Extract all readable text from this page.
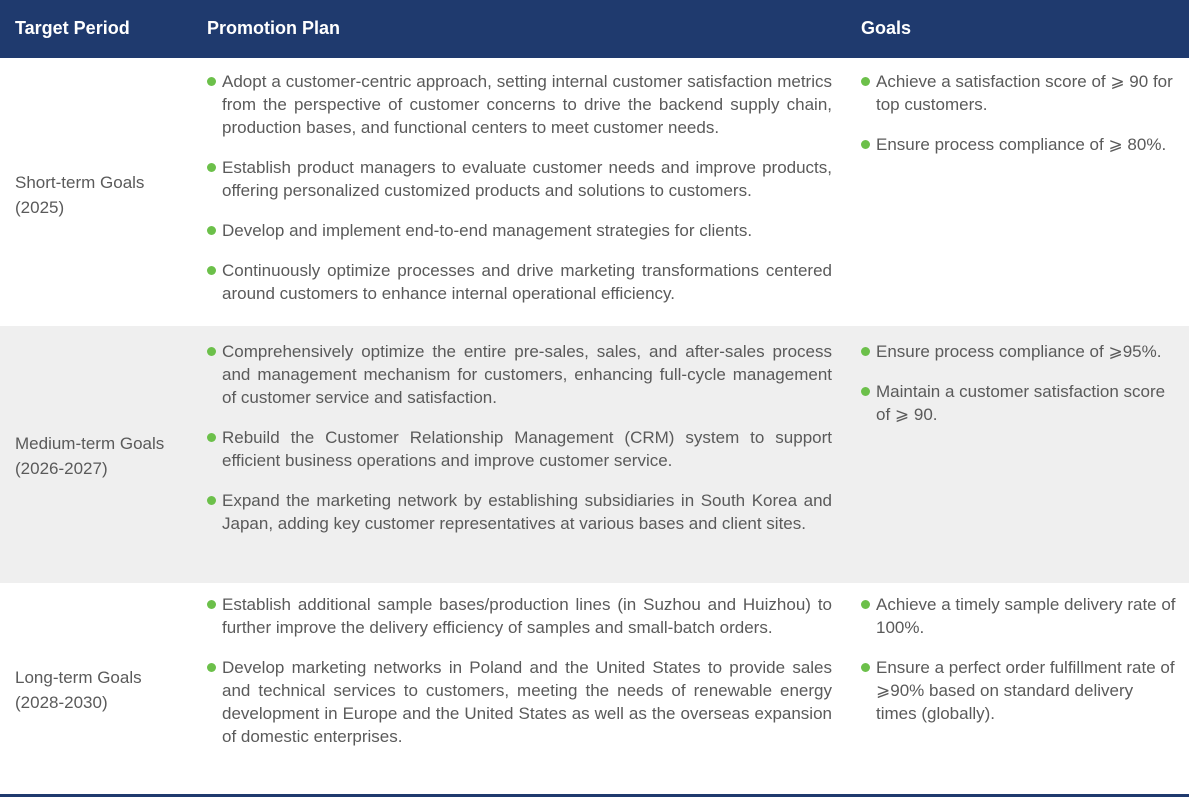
Target Period	Promotion Plan	Goals
Short-term Goals
(2025)
Adopt a customer-centric approach, setting internal customer satisfaction metrics from the perspective of customer concerns to drive the backend supply chain, production bases, and functional centers to meet customer needs.
Establish product managers to evaluate customer needs and improve products, offering personalized customized products and solutions to customers.
Develop and implement end-to-end management strategies for clients.
Continuously optimize processes and drive marketing transformations centered around customers to enhance internal operational efficiency.
Achieve a satisfaction score of ⩾ 90 for top customers.
Ensure process compliance of ⩾ 80%.
Medium-term Goals
(2026-2027)
Comprehensively optimize the entire pre-sales, sales, and after-sales process and management mechanism for customers, enhancing full-cycle management of customer service and satisfaction.
Rebuild the Customer Relationship Management (CRM) system to support efficient business operations and improve customer service.
Expand the marketing network by establishing subsidiaries in South Korea and Japan, adding key customer representatives at various bases and client sites.
Ensure process compliance of ⩾95%.
Maintain a customer satisfaction score of ⩾ 90.
Long-term Goals
(2028-2030)
Establish additional sample bases/production lines (in Suzhou and Huizhou) to further improve the delivery efficiency of samples and small-batch orders.
Develop marketing networks in Poland and the United States to provide sales and technical services to customers, meeting the needs of renewable energy development in Europe and the United States as well as the overseas expansion of domestic enterprises.
Achieve a timely sample delivery rate of 100%.
Ensure a perfect order fulfillment rate of ⩾90% based on standard delivery times (globally).
